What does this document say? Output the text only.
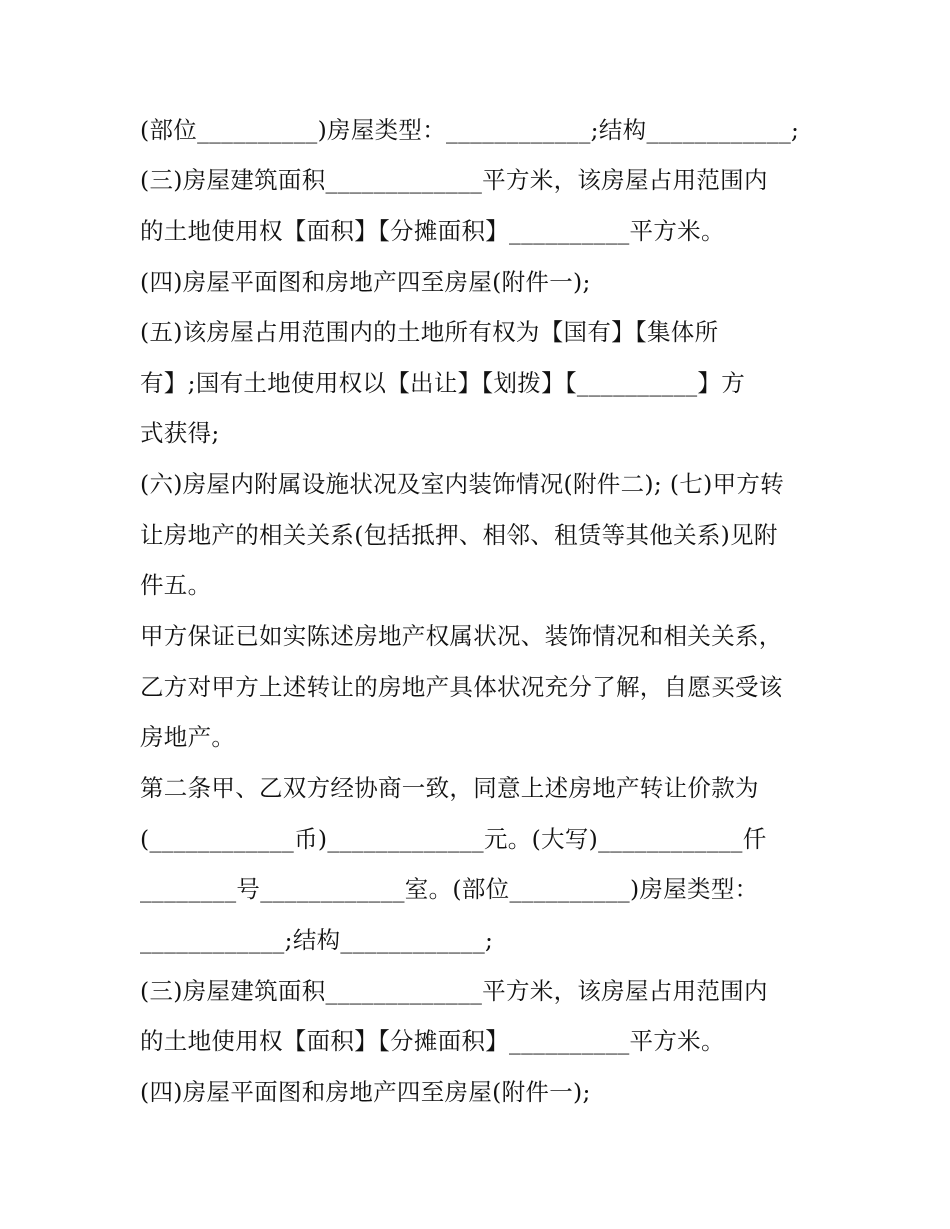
(部位__________)房屋类型：____________;结构____________;
(三)房屋建筑面积_____________平方米，该房屋占用范围内
的土地使用权【面积】【分摊面积】__________平方米。
(四)房屋平面图和房地产四至房屋(附件一);
(五)该房屋占用范围内的土地所有权为【国有】【集体所
有】;国有土地使用权以【出让】【划拨】【__________】方
式获得;
(六)房屋内附属设施状况及室内装饰情况(附件二); (七)甲方转
让房地产的相关关系(包括抵押、相邻、租赁等其他关系)见附
件五。
甲方保证已如实陈述房地产权属状况、装饰情况和相关关系，
乙方对甲方上述转让的房地产具体状况充分了解，自愿买受该
房地产。
第二条甲、乙双方经协商一致，同意上述房地产转让价款为
(____________币)_____________元。(大写)____________仟
________号____________室。(部位__________)房屋类型：
____________;结构____________;
(三)房屋建筑面积_____________平方米，该房屋占用范围内
的土地使用权【面积】【分摊面积】__________平方米。
(四)房屋平面图和房地产四至房屋(附件一);
